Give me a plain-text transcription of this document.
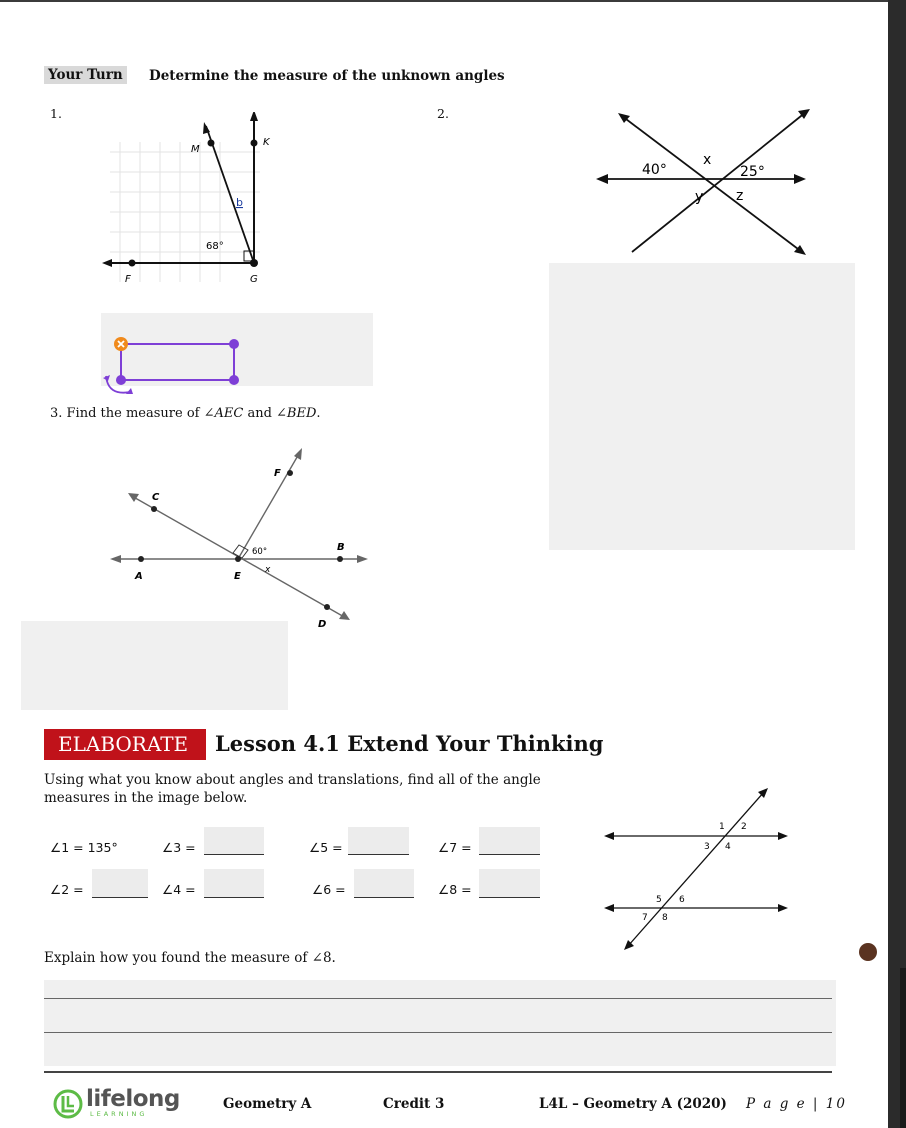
Your Turn Determine the measure of the unknown angles
1.	2.
M
K
F	G
68°
b
40°	25°
x
y z
3. Find the measure of ∠AEC and ∠BED.
C
F
B
A	E
D
60°
x
ELABORATE	Lesson 4.1 Extend Your Thinking
Using what you know about angles and translations, find all of the angle measures in the image below.
∠1 = 135°	∠3 =	∠5 =	∠7 =
∠2 =	∠4 =	∠6 =	∠8 =
1 2
3 4
5 6
7 8
Explain how you found the measure of ∠8.
lifelong
LEARNING
Geometry A	Credit 3	L4L – Geometry A (2020) P a g e | 10
